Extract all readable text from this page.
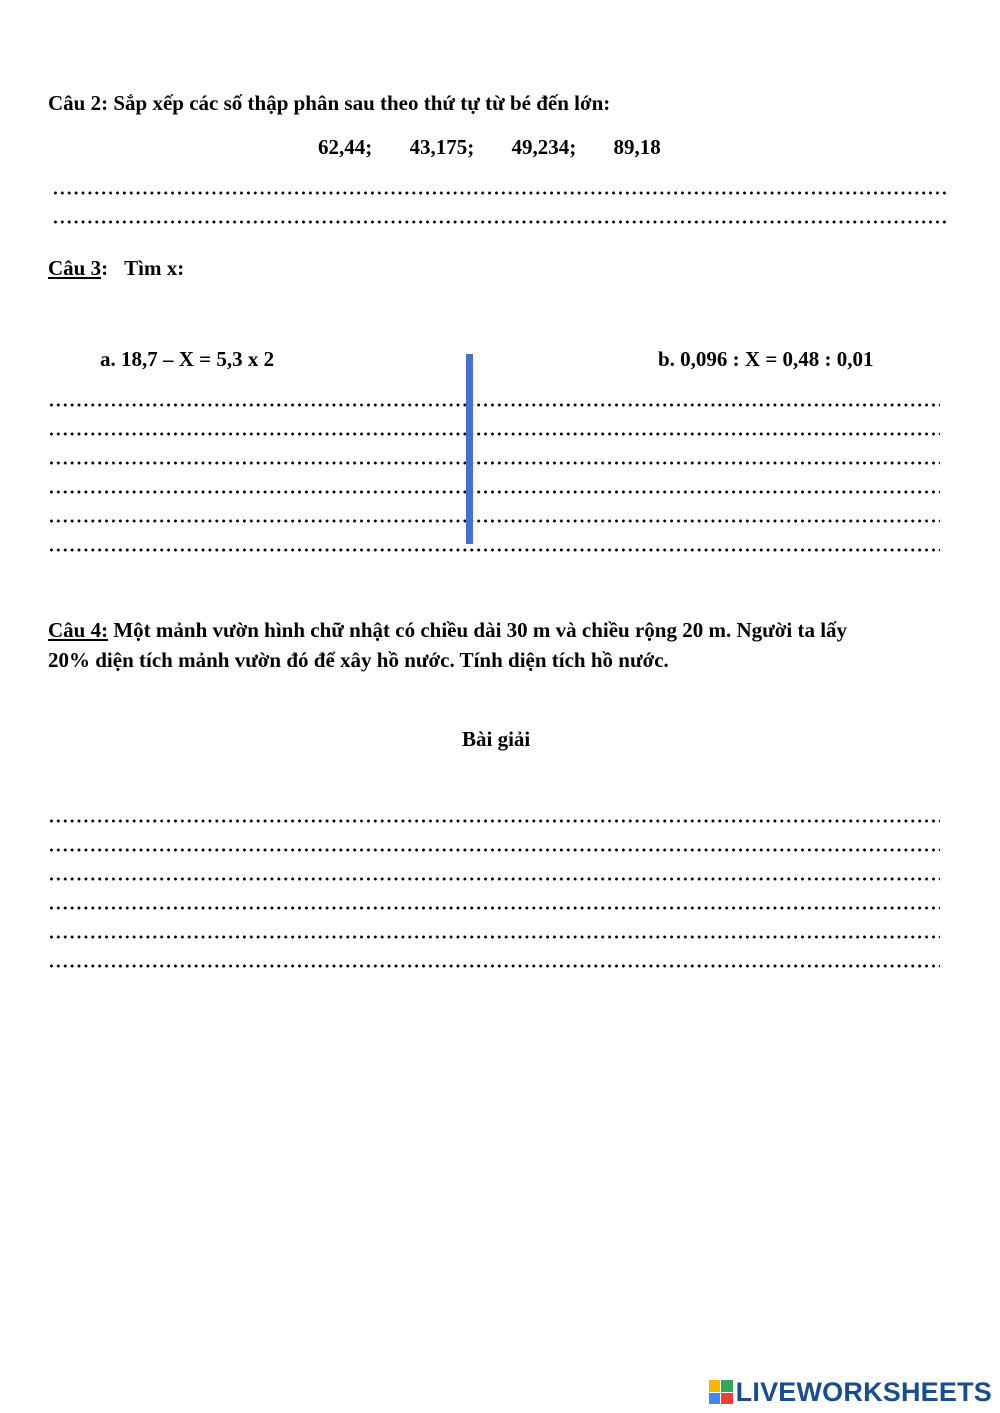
Câu 2: Sắp xếp các số thập phân sau theo thứ tự từ bé đến lớn:
62,44; 43,175; 49,234; 89,18
Câu 3: Tìm x:
a. 18,7 – X = 5,3 x 2	b. 0,096 : X = 0,48 : 0,01
Câu 4: Một mảnh vườn hình chữ nhật có chiều dài 30 m và chiều rộng 20 m. Người ta lấy
20% diện tích mảnh vườn đó để xây hồ nước. Tính diện tích hồ nước.
Bài giải
LIVEWORKSHEETS
